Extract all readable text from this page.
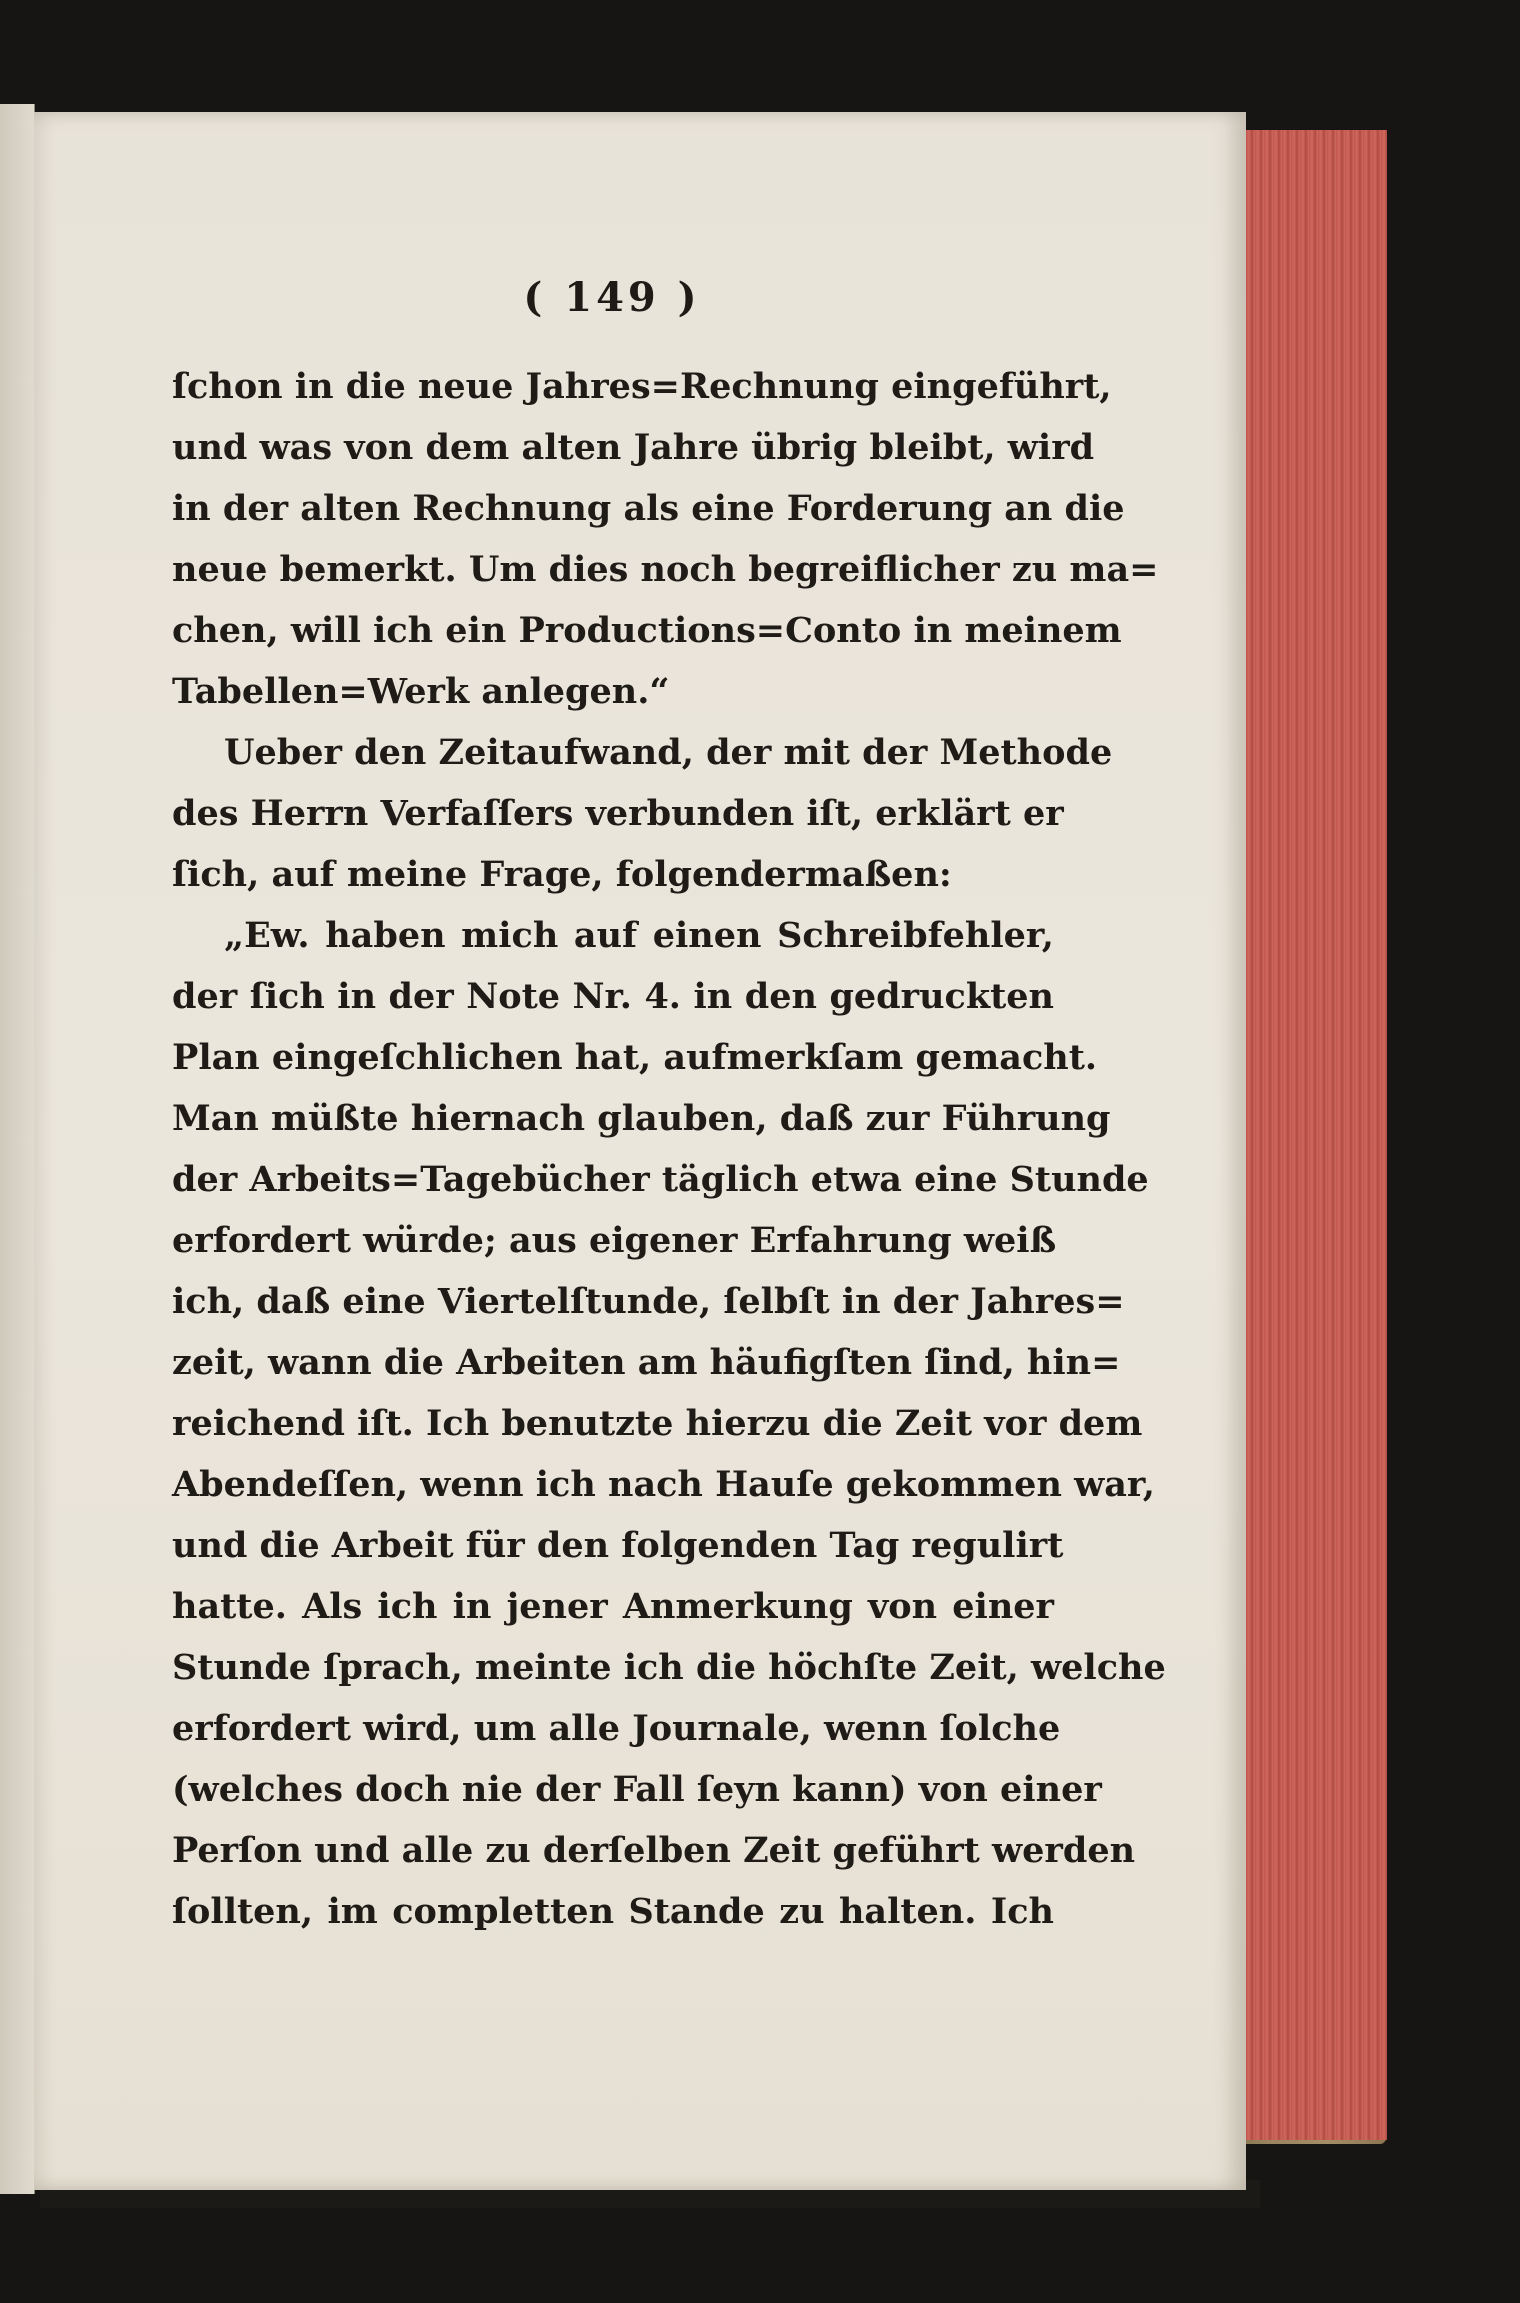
( 149 )
ſchon in die neue Jahres=Rechnung eingeführt,
und was von dem alten Jahre übrig bleibt, wird
in der alten Rechnung als eine Forderung an die
neue bemerkt. Um dies noch begreiflicher zu ma=
chen, will ich ein Productions=Conto in meinem
Tabellen=Werk anlegen.“
Ueber den Zeitaufwand, der mit der Methode
des Herrn Verfaſſers verbunden iſt, erklärt er
ſich, auf meine Frage, folgendermaßen:
„Ew. haben mich auf einen Schreibfehler,
der ſich in der Note Nr. 4. in den gedruckten
Plan eingeſchlichen hat, aufmerkſam gemacht.
Man müßte hiernach glauben, daß zur Führung
der Arbeits=Tagebücher täglich etwa eine Stunde
erfordert würde; aus eigener Erfahrung weiß
ich, daß eine Viertelſtunde, ſelbſt in der Jahres=
zeit, wann die Arbeiten am häufigſten ſind, hin=
reichend iſt. Ich benutzte hierzu die Zeit vor dem
Abendeſſen, wenn ich nach Hauſe gekommen war,
und die Arbeit für den folgenden Tag regulirt
hatte. Als ich in jener Anmerkung von einer
Stunde ſprach, meinte ich die höchſte Zeit, welche
erfordert wird, um alle Journale, wenn ſolche
(welches doch nie der Fall ſeyn kann) von einer
Perſon und alle zu derſelben Zeit geführt werden
ſollten, im completten Stande zu halten. Ich
